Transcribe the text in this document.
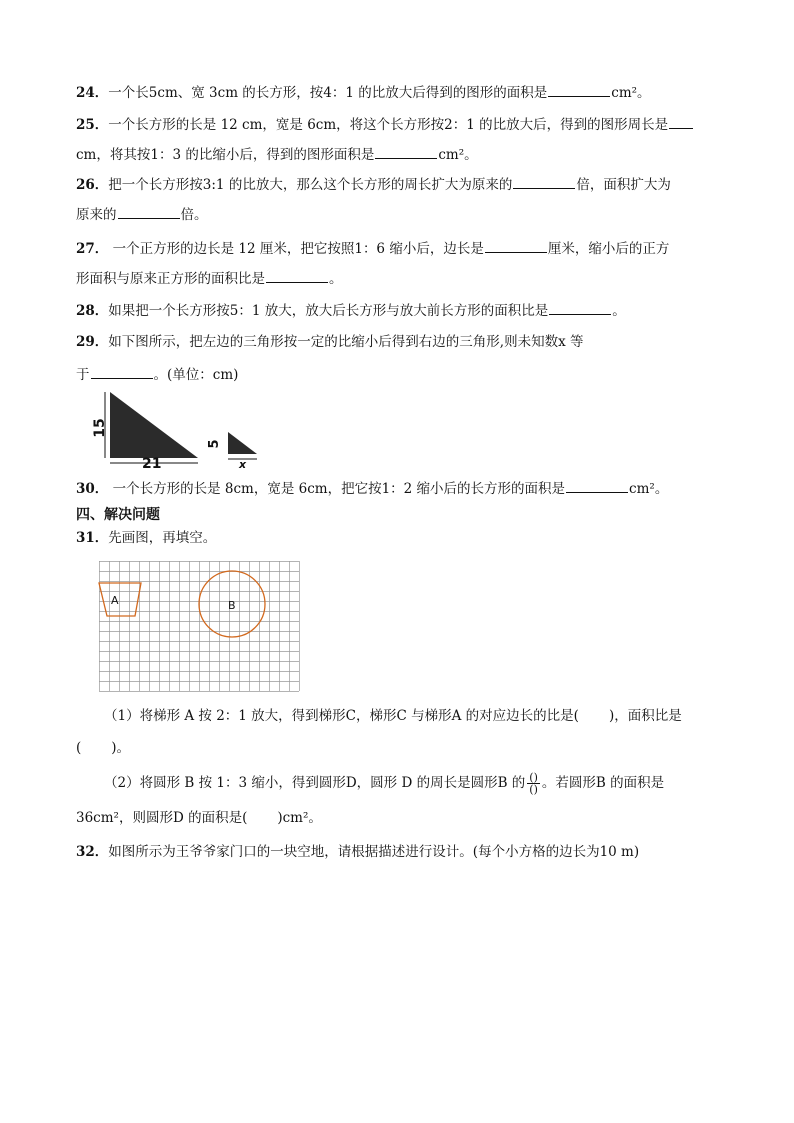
24．一个长5cm、宽 3cm 的长方形，按4：1 的比放大后得到的图形的面积是	cm²。
25．一个长方形的长是 12 cm，宽是 6cm，将这个长方形按2：1 的比放大后，得到的图形周长是
cm，将其按1：3 的比缩小后，得到的图形面积是	cm²。
26．把一个长方形按3:1 的比放大，那么这个长方形的周长扩大为原来的	倍，面积扩大为
原来的	倍。
27． 一个正方形的边长是 12 厘米，把它按照1：6 缩小后，边长是	厘米，缩小后的正方
形面积与原来正方形的面积比是	。
28．如果把一个长方形按5：1 放大，放大后长方形与放大前长方形的面积比是	。
29．如下图所示，把左边的三角形按一定的比缩小后得到右边的三角形,则未知数x 等
于	。(单位：cm)
21
15
x
5
30． 一个长方形的长是 8cm，宽是 6cm，把它按1：2 缩小后的长方形的面积是	cm²。
四、解决问题
31．先画图，再填空。
A	B
（1）将梯形 A 按 2：1 放大，得到梯形C，梯形C 与梯形A 的对应边长的比是( )，面积比是
( )。
（2）将圆形 B 按 1：3 缩小，得到圆形D，圆形 D 的周长是圆形B 的 $\frac{()}{()}$ 。若圆形B 的面积是
36cm²，则圆形D 的面积是( )cm²。
32．如图所示为王爷爷家门口的一块空地，请根据描述进行设计。(每个小方格的边长为10 m)
